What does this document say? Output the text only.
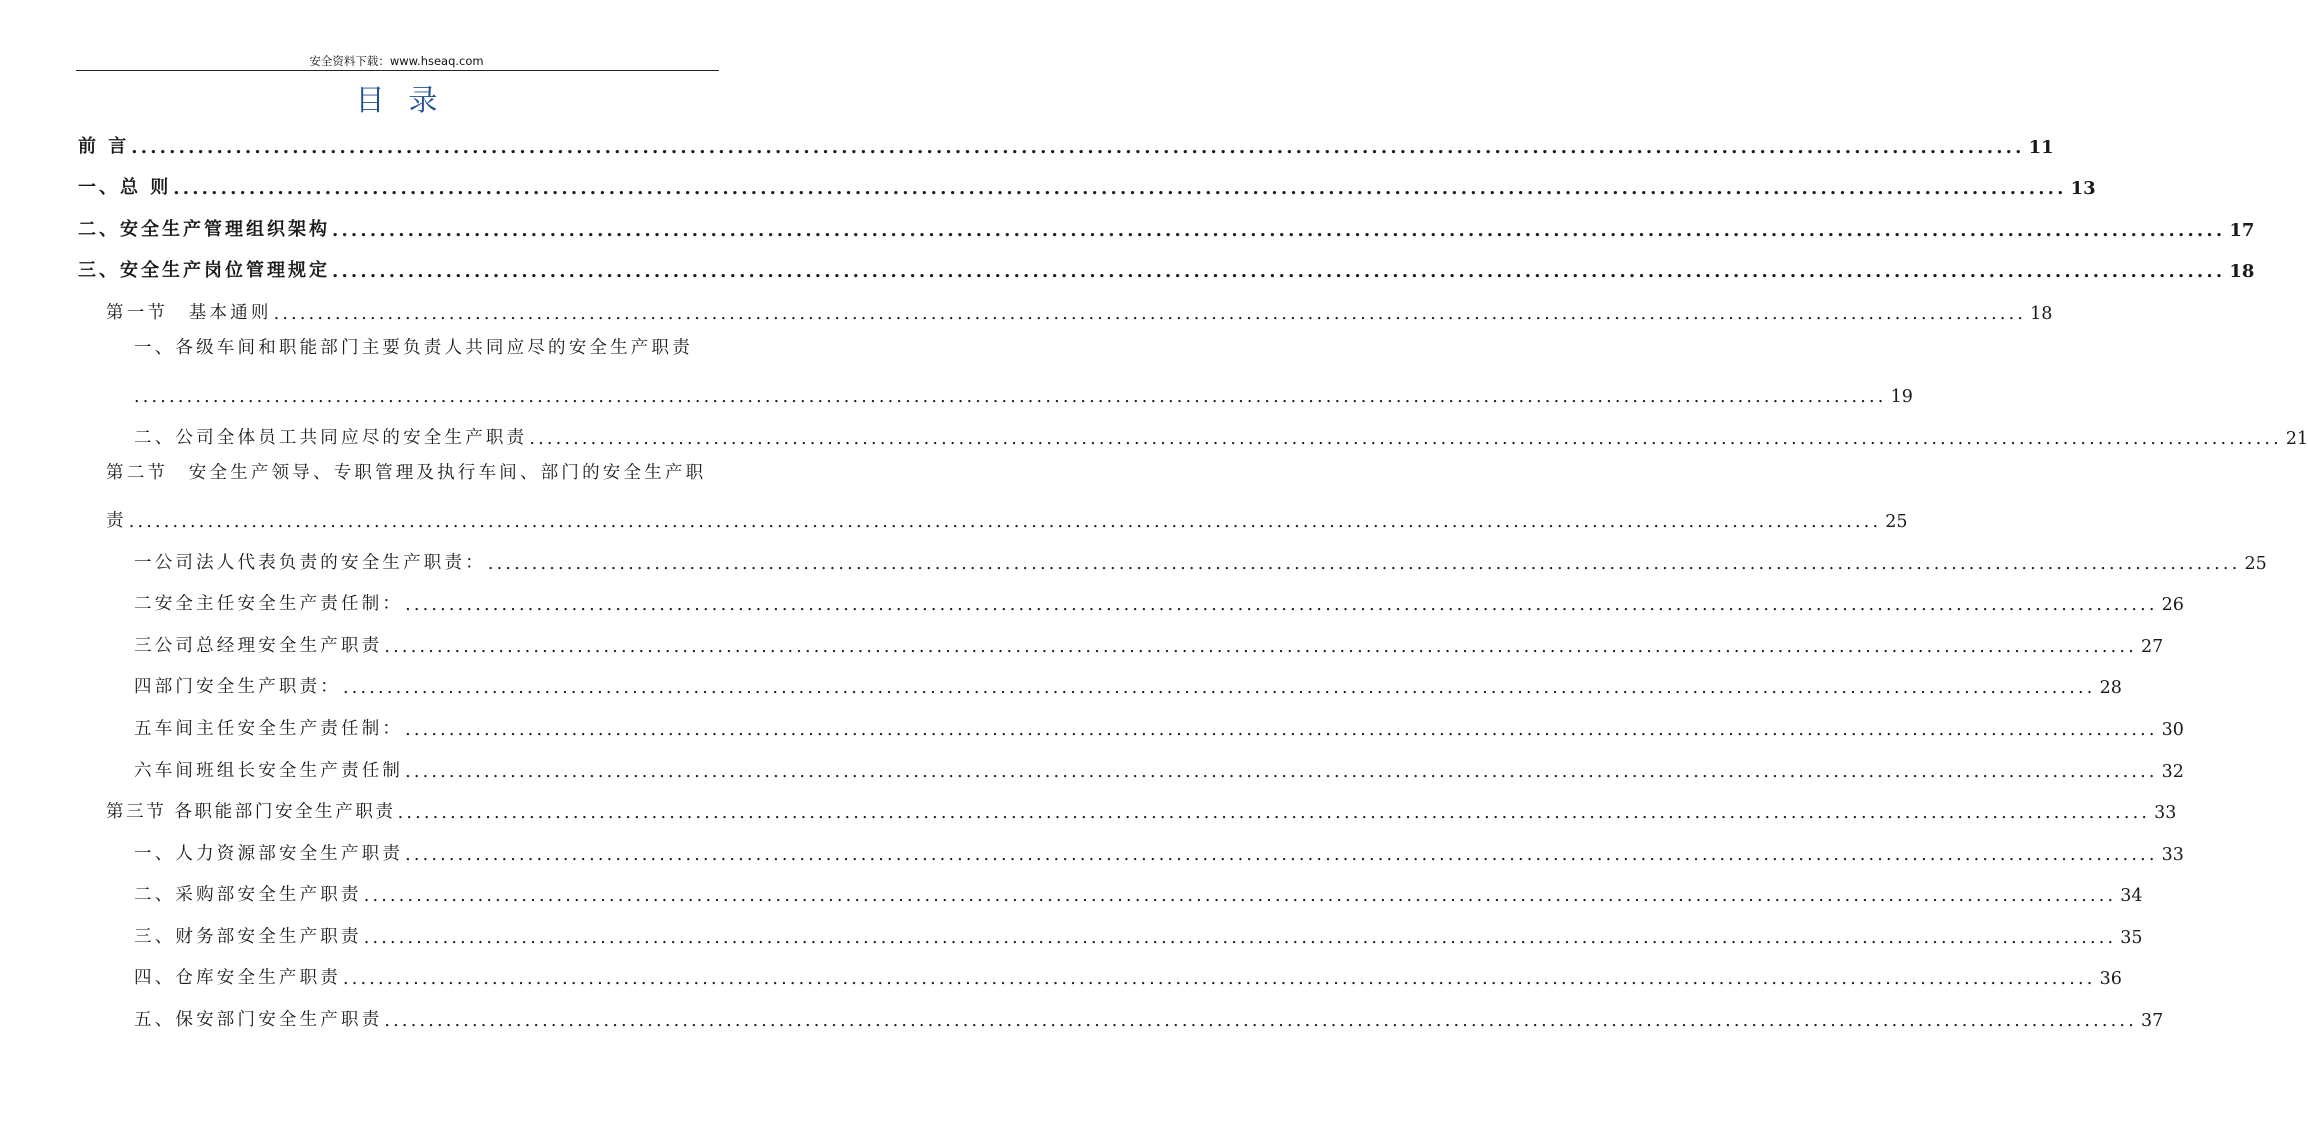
安全资料下载：www.hseaq.com
目录
前 言 ........................................................................................................................................................................................................ 11
一、总 则 ........................................................................................................................................................................................................ 13
二、安全生产管理组织架构 ........................................................................................................................................................................................................ 17
三、安全生产岗位管理规定 ........................................................................................................................................................................................................ 18
第一节　基本通则 ........................................................................................................................................................................................................ 18
一、各级车间和职能部门主要负责人共同应尽的安全生产职责
........................................................................................................................................................................................................ 19
二、公司全体员工共同应尽的安全生产职责 ........................................................................................................................................................................................................ 21
第二节　安全生产领导、专职管理及执行车间、部门的安全生产职
责 ........................................................................................................................................................................................................ 25
一公司法人代表负责的安全生产职责： ........................................................................................................................................................................................................ 25
二安全主任安全生产责任制： ........................................................................................................................................................................................................ 26
三公司总经理安全生产职责 ........................................................................................................................................................................................................ 27
四部门安全生产职责： ........................................................................................................................................................................................................ 28
五车间主任安全生产责任制： ........................................................................................................................................................................................................ 30
六车间班组长安全生产责任制 ........................................................................................................................................................................................................ 32
第三节 各职能部门安全生产职责 ........................................................................................................................................................................................................ 33
一、人力资源部安全生产职责 ........................................................................................................................................................................................................ 33
二、采购部安全生产职责 ........................................................................................................................................................................................................ 34
三、财务部安全生产职责 ........................................................................................................................................................................................................ 35
四、仓库安全生产职责 ........................................................................................................................................................................................................ 36
五、保安部门安全生产职责 ........................................................................................................................................................................................................ 37
